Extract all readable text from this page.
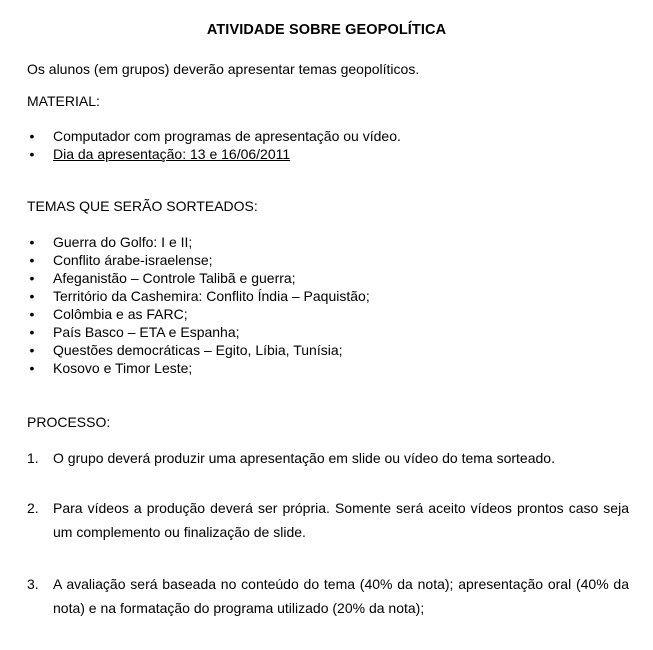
ATIVIDADE SOBRE GEOPOLÍTICA
Os alunos (em grupos) deverão apresentar temas geopolíticos.
MATERIAL:
• Computador com programas de apresentação ou vídeo.
• Dia da apresentação: 13 e 16/06/2011
TEMAS QUE SERÃO SORTEADOS:
• Guerra do Golfo: I e II;
• Conflito árabe-israelense;
• Afeganistão – Controle Talibã e guerra;
• Território da Cashemira: Conflito Índia – Paquistão;
• Colômbia e as FARC;
• País Basco – ETA e Espanha;
• Questões democráticas – Egito, Líbia, Tunísia;
• Kosovo e Timor Leste;
PROCESSO:
1.	O grupo deverá produzir uma apresentação em slide ou vídeo do tema sorteado.
2.	Para vídeos a produção deverá ser própria. Somente será aceito vídeos prontos caso seja um complemento ou finalização de slide.
3.	A avaliação será baseada no conteúdo do tema (40% da nota); apresentação oral (40% da nota) e na formatação do programa utilizado (20% da nota);
